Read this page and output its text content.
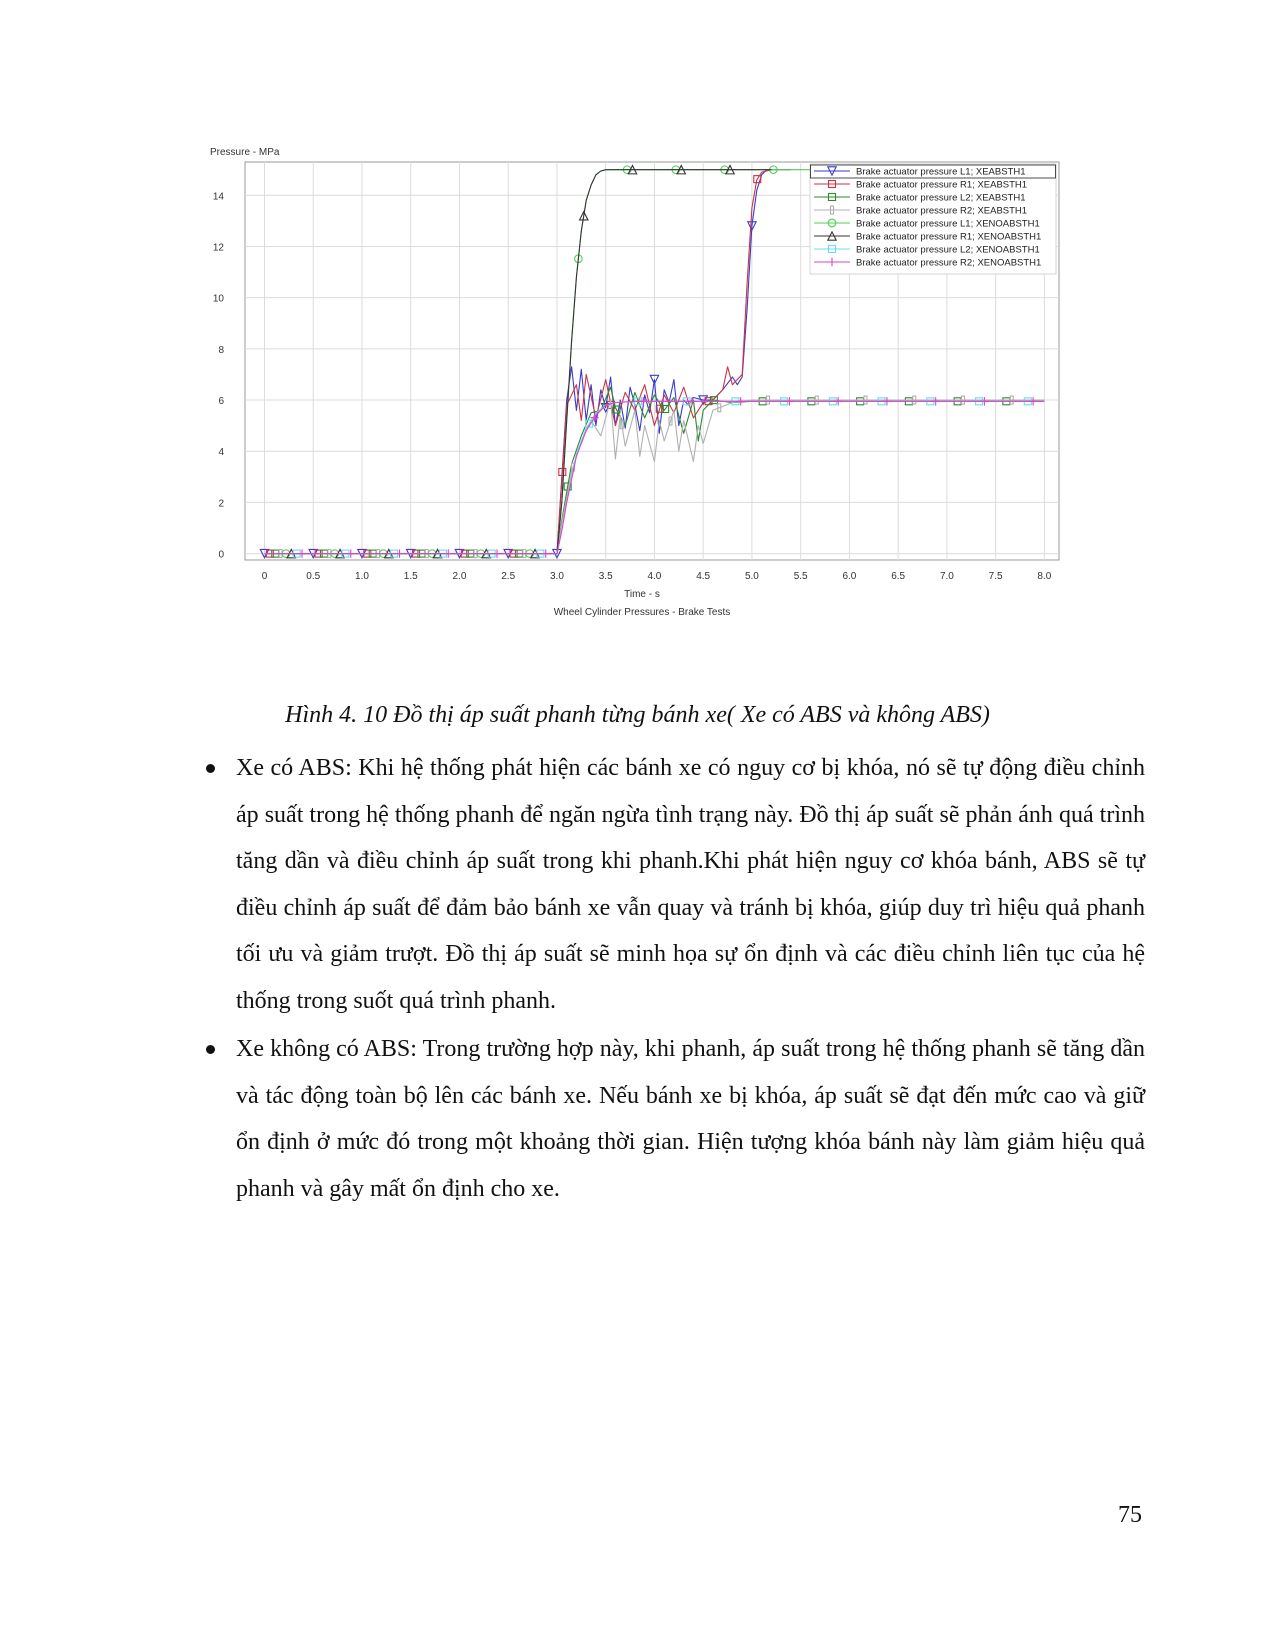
0	0.5	1.0	1.5	2.0	2.5	3.0	3.5	4.0	4.5	5.0	5.5	6.0	6.5	7.0	7.5	8.0
0
2
4
6
8
10
12
14
Pressure - MPa
Time - s
Wheel Cylinder Pressures - Brake Tests
Brake actuator pressure L1; XEABSTH1
Brake actuator pressure R1; XEABSTH1
Brake actuator pressure L2; XEABSTH1
Brake actuator pressure R2; XEABSTH1
Brake actuator pressure L1; XENOABSTH1
Brake actuator pressure R1; XENOABSTH1
Brake actuator pressure L2; XENOABSTH1
Brake actuator pressure R2; XENOABSTH1
Hình 4. 10 Đồ thị áp suất phanh từng bánh xe( Xe có ABS và không ABS)
Xe có ABS: Khi hệ thống phát hiện các bánh xe có nguy cơ bị khóa, nó sẽ tự động điều chỉnh áp suất trong hệ thống phanh để ngăn ngừa tình trạng này. Đồ thị áp suất sẽ phản ánh quá trình tăng dần và điều chỉnh áp suất trong khi phanh.Khi phát hiện nguy cơ khóa bánh, ABS sẽ tự điều chỉnh áp suất để đảm bảo bánh xe vẫn quay và tránh bị khóa, giúp duy trì hiệu quả phanh tối ưu và giảm trượt. Đồ thị áp suất sẽ minh họa sự ổn định và các điều chỉnh liên tục của hệ thống trong suốt quá trình phanh.
Xe không có ABS: Trong trường hợp này, khi phanh, áp suất trong hệ thống phanh sẽ tăng dần và tác động toàn bộ lên các bánh xe. Nếu bánh xe bị khóa, áp suất sẽ đạt đến mức cao và giữ ổn định ở mức đó trong một khoảng thời gian. Hiện tượng khóa bánh này làm giảm hiệu quả phanh và gây mất ổn định cho xe.
75
